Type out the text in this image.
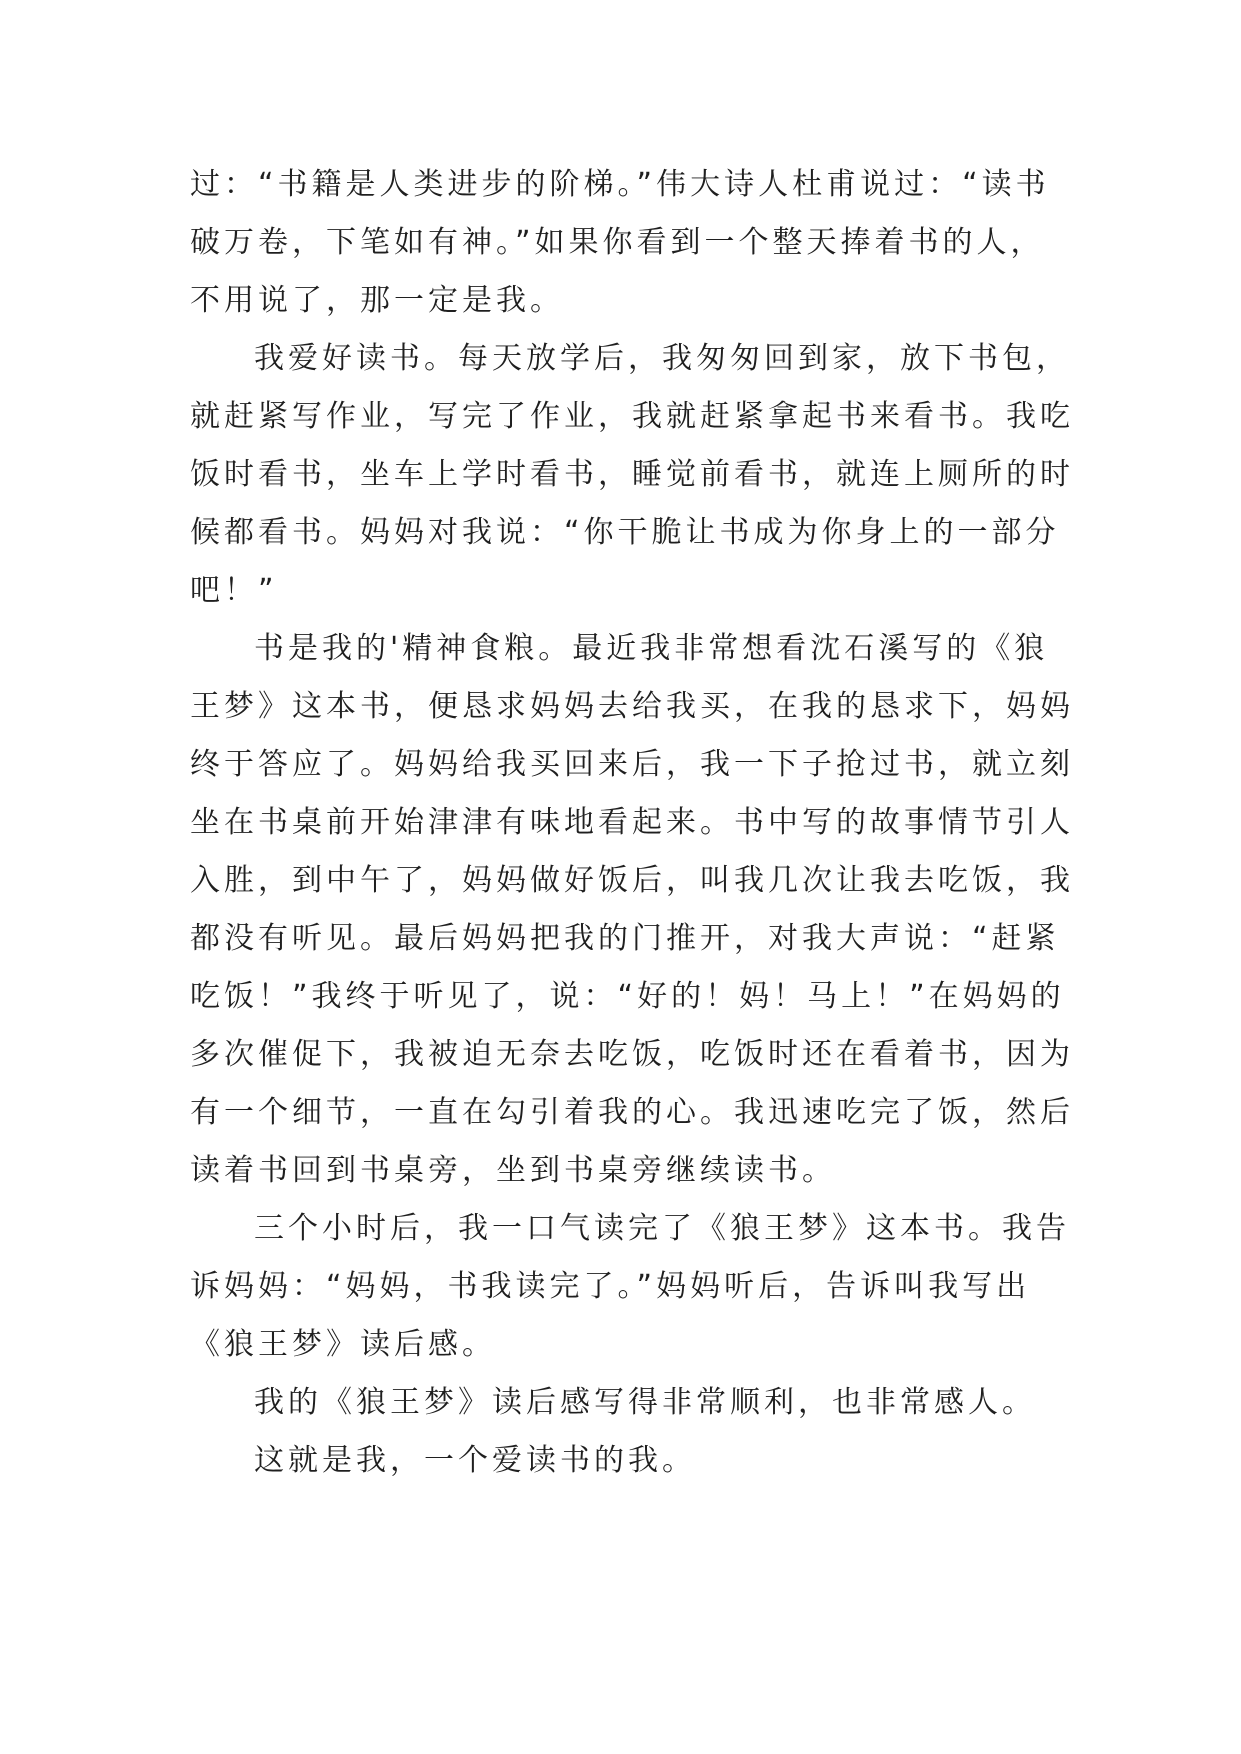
过：“书籍是人类进步的阶梯。”伟大诗人杜甫说过：“读书
破万卷，下笔如有神。”如果你看到一个整天捧着书的人，
不用说了，那一定是我。
我爱好读书。每天放学后，我匆匆回到家，放下书包，
就赶紧写作业，写完了作业，我就赶紧拿起书来看书。我吃
饭时看书，坐车上学时看书，睡觉前看书，就连上厕所的时
候都看书。妈妈对我说：“你干脆让书成为你身上的一部分
吧！”
书是我的'精神食粮。最近我非常想看沈石溪写的《狼
王梦》这本书，便恳求妈妈去给我买，在我的恳求下，妈妈
终于答应了。妈妈给我买回来后，我一下子抢过书，就立刻
坐在书桌前开始津津有味地看起来。书中写的故事情节引人
入胜，到中午了，妈妈做好饭后，叫我几次让我去吃饭，我
都没有听见。最后妈妈把我的门推开，对我大声说：“赶紧
吃饭！”我终于听见了，说：“好的！妈！马上！”在妈妈的
多次催促下，我被迫无奈去吃饭，吃饭时还在看着书，因为
有一个细节，一直在勾引着我的心。我迅速吃完了饭，然后
读着书回到书桌旁，坐到书桌旁继续读书。
三个小时后，我一口气读完了《狼王梦》这本书。我告
诉妈妈：“妈妈，书我读完了。”妈妈听后，告诉叫我写出
《狼王梦》读后感。
我的《狼王梦》读后感写得非常顺利，也非常感人。
这就是我，一个爱读书的我。
